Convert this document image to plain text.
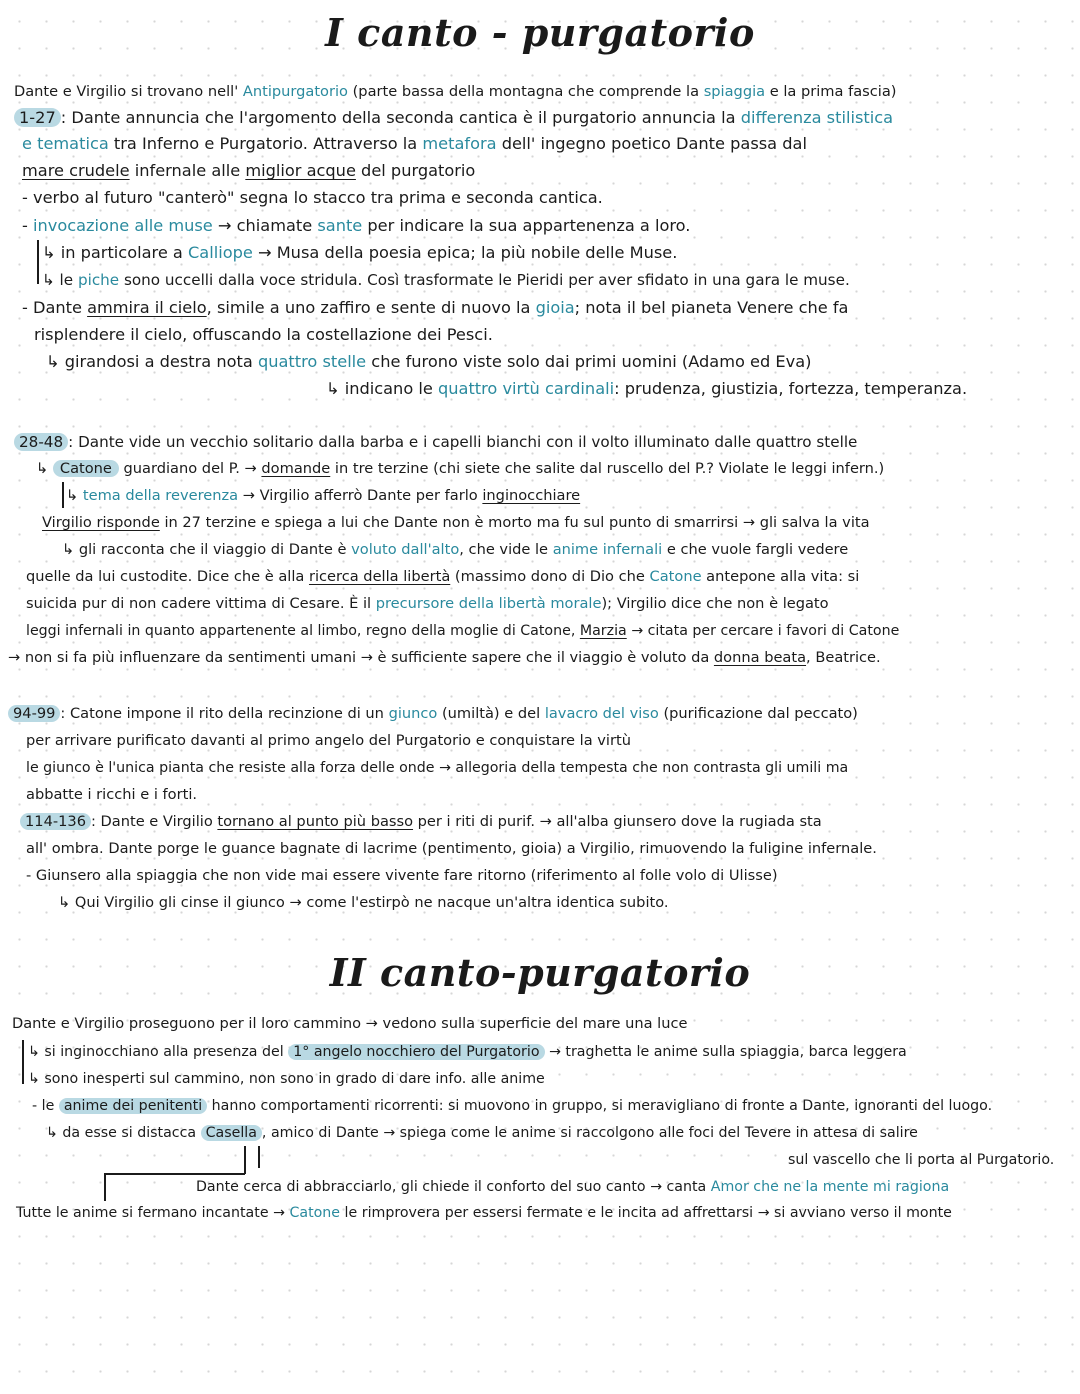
I canto - purgatorio
Dante e Virgilio si trovano nell' Antipurgatorio (parte bassa della montagna che comprende la spiaggia e la prima fascia)
1-27 : Dante annuncia che l'argomento della seconda cantica è il purgatorio annuncia la differenza stilistica
e tematica tra Inferno e Purgatorio. Attraverso la metafora dell' ingegno poetico Dante passa dal
mare crudele infernale alle miglior acque del purgatorio
- verbo al futuro "canterò" segna lo stacco tra prima e seconda cantica.
- invocazione alle muse → chiamate sante per indicare la sua appartenenza a loro.
↳ in particolare a Calliope → Musa della poesia epica; la più nobile delle Muse.
↳ le piche sono uccelli dalla voce stridula. Così trasformate le Pieridi per aver sfidato in una gara le muse.
- Dante ammira il cielo, simile a uno zaffiro e sente di nuovo la gioia; nota il bel pianeta Venere che fa
risplendere il cielo, offuscando la costellazione dei Pesci.
↳ girandosi a destra nota quattro stelle che furono viste solo dai primi uomini (Adamo ed Eva)
↳ indicano le quattro virtù cardinali: prudenza, giustizia, fortezza, temperanza.
28-48 : Dante vide un vecchio solitario dalla barba e i capelli bianchi con il volto illuminato dalle quattro stelle
↳ Catone guardiano del P. → domande in tre terzine (chi siete che salite dal ruscello del P.? Violate le leggi infern.)
↳ tema della reverenza → Virgilio afferrò Dante per farlo inginocchiare
Virgilio risponde in 27 terzine e spiega a lui che Dante non è morto ma fu sul punto di smarrirsi → gli salva la vita
↳ gli racconta che il viaggio di Dante è voluto dall'alto, che vide le anime infernali e che vuole fargli vedere
quelle da lui custodite. Dice che è alla ricerca della libertà (massimo dono di Dio che Catone antepone alla vita: si
suicida pur di non cadere vittima di Cesare. È il precursore della libertà morale); Virgilio dice che non è legato
leggi infernali in quanto appartenente al limbo, regno della moglie di Catone, Marzia → citata per cercare i favori di Catone
→ non si fa più influenzare da sentimenti umani → è sufficiente sapere che il viaggio è voluto da donna beata, Beatrice.
94-99 : Catone impone il rito della recinzione di un giunco (umiltà) e del lavacro del viso (purificazione dal peccato)
per arrivare purificato davanti al primo angelo del Purgatorio e conquistare la virtù
le giunco è l'unica pianta che resiste alla forza delle onde → allegoria della tempesta che non contrasta gli umili ma
abbatte i ricchi e i forti.
114-136 : Dante e Virgilio tornano al punto più basso per i riti di purif. → all'alba giunsero dove la rugiada sta
all' ombra. Dante porge le guance bagnate di lacrime (pentimento, gioia) a Virgilio, rimuovendo la fuligine infernale.
- Giunsero alla spiaggia che non vide mai essere vivente fare ritorno (riferimento al folle volo di Ulisse)
↳ Qui Virgilio gli cinse il giunco → come l'estirpò ne nacque un'altra identica subito.
II canto-purgatorio
Dante e Virgilio proseguono per il loro cammino → vedono sulla superficie del mare una luce
↳ si inginocchiano alla presenza del 1° angelo nocchiero del Purgatorio → traghetta le anime sulla spiaggia, barca leggera
↳ sono inesperti sul cammino, non sono in grado di dare info. alle anime
- le anime dei penitenti hanno comportamenti ricorrenti: si muovono in gruppo, si meravigliano di fronte a Dante, ignoranti del luogo.
↳ da esse si distacca Casella , amico di Dante → spiega come le anime si raccolgono alle foci del Tevere in attesa di salire
sul vascello che li porta al Purgatorio.
Dante cerca di abbracciarlo, gli chiede il conforto del suo canto → canta Amor che ne la mente mi ragiona
Tutte le anime si fermano incantate → Catone le rimprovera per essersi fermate e le incita ad affrettarsi → si avviano verso il monte
